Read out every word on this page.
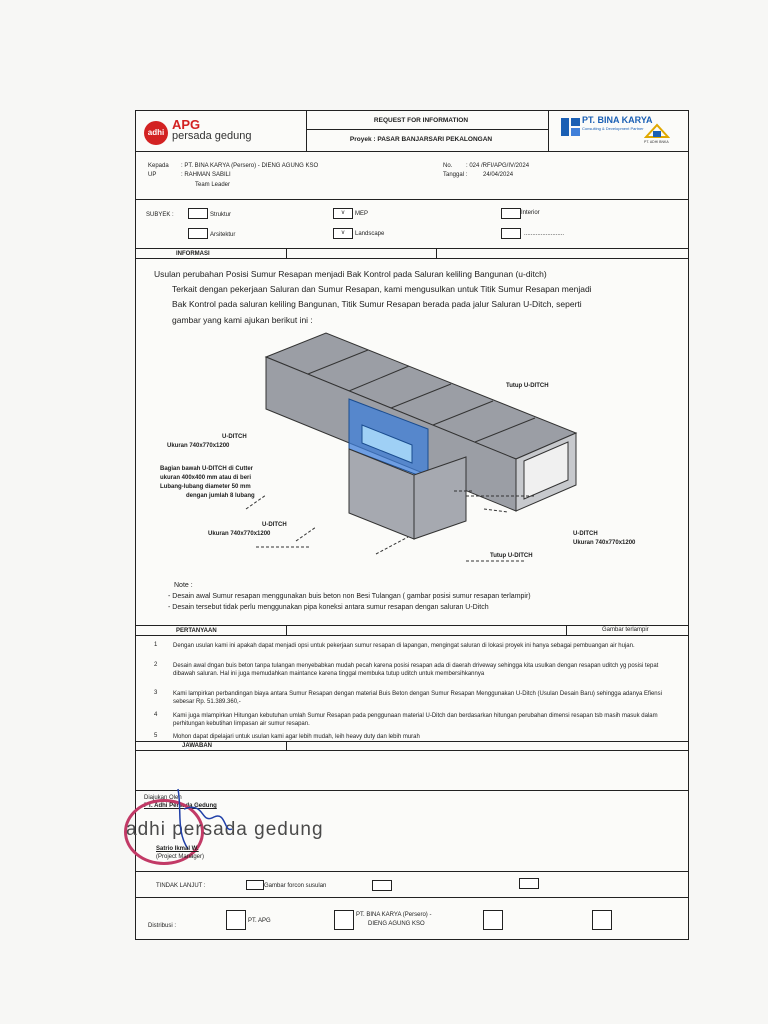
adhi
APG
persada gedung
REQUEST FOR INFORMATION
Proyek : PASAR BANJARSARI PEKALONGAN
PT. BINA KARYA
Consulting & Development Partner
PT. ADHI BNKA
Kepada : PT. BINA KARYA (Persero) - DIENG AGUNG KSO
UP	: RAHMAN SABILI
Team Leader
No. : 024 /RFI/APG/IV/2024
Tanggal :	24/04/2024
SUBYEK :	Struktur	v	MEP	Interior
Arsitektur	v	Landscape	........................
INFORMASI
Usulan perubahan Posisi Sumur Resapan menjadi Bak Kontrol pada Saluran keliling Bangunan (u-ditch)
Terkait dengan pekerjaan Saluran dan Sumur Resapan, kami mengusulkan untuk Titik Sumur Resapan menjadi
Bak Kontrol pada saluran keliling Bangunan, Titik Sumur Resapan berada pada jalur Saluran U-Ditch, seperti
gambar yang kami ajukan berikut ini :
Tutup U-DITCH
U-DITCH
Ukuran 740x770x1200
Bagian bawah U-DITCH di Cutter
ukuran 400x400 mm atau di beri
Lubang-lubang diameter 50 mm
dengan jumlah 8 lubang
U-DITCH
Ukuran 740x770x1200	U-DITCH
Ukuran 740x770x1200
Tutup U-DITCH
Note :
- Desain awal Sumur resapan menggunakan buis beton non Besi Tulangan ( gambar posisi sumur resapan terlampir)
- Desain tersebut tidak perlu menggunakan pipa koneksi antara sumur resapan dengan saluran U-Ditch
PERTANYAAN	Gambar terlampir
1	Dengan usulan kami ini apakah dapat menjadi opsi untuk pekerjaan sumur resapan di lapangan, mengingat saluran di lokasi proyek ini hanya sebagai pembuangan air hujan.
2	Desain awal dngan buis beton tanpa tulangan menyebabkan mudah pecah karena posisi resapan ada di daerah driveway sehingga kita usulkan dengan resapan uditch yg posisi tepat dibawah saluran. Hal ini juga memudahkan maintance karena tinggal membuka tutup uditch untuk membersihkannya
3	Kami lampirkan perbandingan biaya antara Sumur Resapan dengan material Buis Beton dengan Sumur Resapan Menggunakan U-Ditch (Usulan Desain Baru) sehingga adanya Efiensi sebesar Rp. 51.389.360,-
4	Kami juga mlampirkan Hitungan kebutuhan umlah Sumur Resapan pada penggunaan material U-Ditch dan berdasarkan hitungan perubahan dimensi resapan tsb masih masuk dalam perhitungan kebutihan limpasan air sumur resapan.
5	Mohon dapat dipelajari untuk usulan kami agar lebih mudah, leih heavy duty dan lebih murah
JAWABAN
Diajukan Oleh
PT. Adhi Persada Gedung
adhi persada gedung
Satrio Ikmal W.
(Project Manager)
TINDAK LANJUT :	Gambar forcon susulan
Distribusi :
PT. APG
PT. BINA KARYA (Persero) -
DIENG AGUNG KSO
